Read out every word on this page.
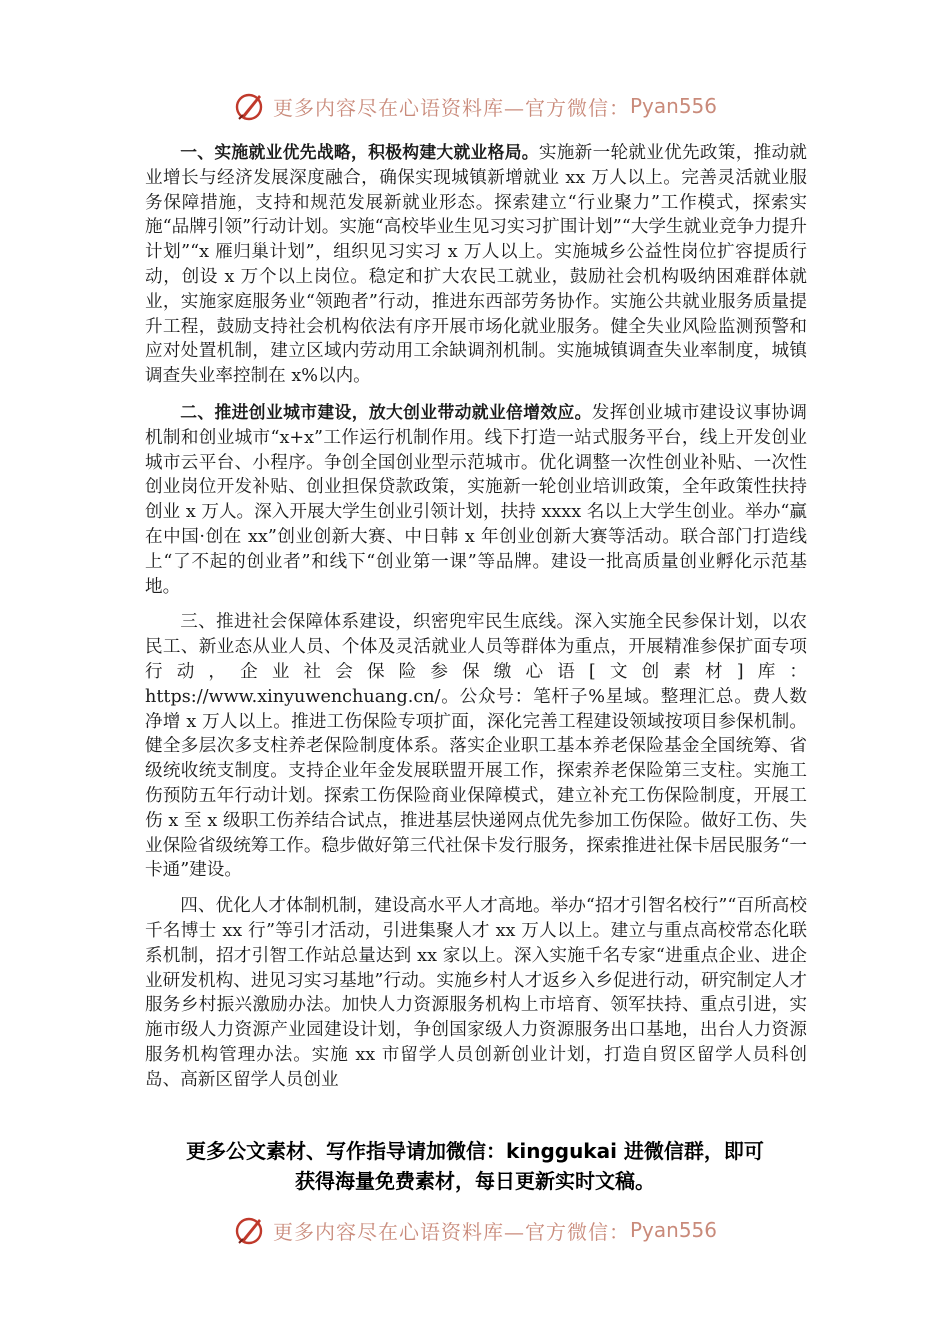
更多内容尽在心语资料库—官方微信： Pyan556

一、实施就业优先战略，积极构建大就业格局。实施新一轮就业优先政策，推动就业增长与经济发展深度融合，确保实现城镇新增就业 xx 万人以上。完善灵活就业服务保障措施，支持和规范发展新就业形态。探索建立“行业聚力”工作模式，探索实施“品牌引领”行动计划。实施“高校毕业生见习实习扩围计划”“大学生就业竞争力提升计划”“x 雁归巢计划”，组织见习实习 x 万人以上。实施城乡公益性岗位扩容提质行动，创设 x 万个以上岗位。稳定和扩大农民工就业，鼓励社会机构吸纳困难群体就业，实施家庭服务业“领跑者”行动，推进东西部劳务协作。实施公共就业服务质量提升工程，鼓励支持社会机构依法有序开展市场化就业服务。健全失业风险监测预警和应对处置机制，建立区域内劳动用工余缺调剂机制。实施城镇调查失业率制度，城镇调查失业率控制在 x%以内。

二、推进创业城市建设，放大创业带动就业倍增效应。发挥创业城市建设议事协调机制和创业城市“x+x”工作运行机制作用。线下打造一站式服务平台，线上开发创业城市云平台、小程序。争创全国创业型示范城市。优化调整一次性创业补贴、一次性创业岗位开发补贴、创业担保贷款政策，实施新一轮创业培训政策，全年政策性扶持创业 x 万人。深入开展大学生创业引领计划，扶持 xxxx 名以上大学生创业。举办“赢在中国·创在 xx”创业创新大赛、中日韩 x 年创业创新大赛等活动。联合部门打造线上“了不起的创业者”和线下“创业第一课”等品牌。建设一批高质量创业孵化示范基地。

三、推进社会保障体系建设，织密兜牢民生底线。深入实施全民参保计划，以农民工、新业态从业人员、个体及灵活就业人员等群体为重点，开展精准参保扩面专项行动，企业社会保险参保缴心语[文创素材]库：https://www.xinyuwenchuang.cn/。公众号：笔杆子%星域。整理汇总。费人数净增 x 万人以上。推进工伤保险专项扩面，深化完善工程建设领域按项目参保机制。健全多层次多支柱养老保险制度体系。落实企业职工基本养老保险基金全国统筹、省级统收统支制度。支持企业年金发展联盟开展工作，探索养老保险第三支柱。实施工伤预防五年行动计划。探索工伤保险商业保障模式，建立补充工伤保险制度，开展工伤 x 至 x 级职工伤养结合试点，推进基层快递网点优先参加工伤保险。做好工伤、失业保险省级统筹工作。稳步做好第三代社保卡发行服务，探索推进社保卡居民服务“一卡通”建设。

四、优化人才体制机制，建设高水平人才高地。举办“招才引智名校行”“百所高校千名博士 xx 行”等引才活动，引进集聚人才 xx 万人以上。建立与重点高校常态化联系机制，招才引智工作站总量达到 xx 家以上。深入实施千名专家“进重点企业、进企业研发机构、进见习实习基地”行动。实施乡村人才返乡入乡促进行动，研究制定人才服务乡村振兴激励办法。加快人力资源服务机构上市培育、领军扶持、重点引进，实施市级人力资源产业园建设计划，争创国家级人力资源服务出口基地，出台人力资源服务机构管理办法。实施 xx 市留学人员创新创业计划，打造自贸区留学人员科创岛、高新区留学人员创业

更多公文素材、写作指导请加微信：kinggukai 进微信群，即可
获得海量免费素材，每日更新实时文稿。
更多内容尽在心语资料库—官方微信： Pyan556
